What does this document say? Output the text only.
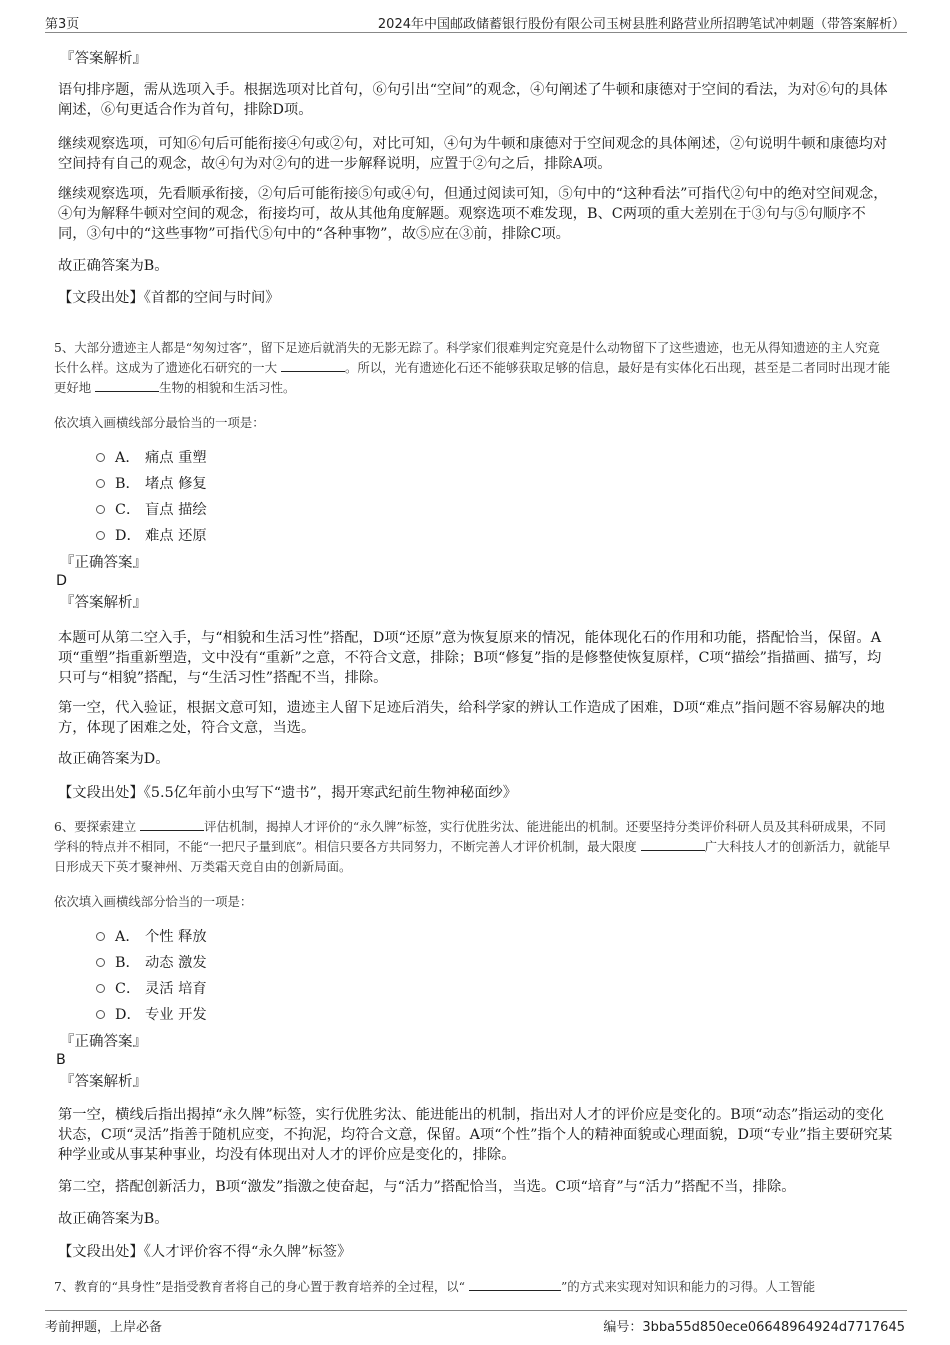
第3页	2024年中国邮政储蓄银行股份有限公司玉树县胜利路营业所招聘笔试冲刺题（带答案解析）
『答案解析』
语句排序题，需从选项入手。根据选项对比首句，⑥句引出“空间”的观念，④句阐述了牛顿和康德对于空间的看法，为对⑥句的具体阐述，⑥句更适合作为首句，排除D项。
继续观察选项，可知⑥句后可能衔接④句或②句，对比可知，④句为牛顿和康德对于空间观念的具体阐述，②句说明牛顿和康德均对空间持有自己的观念，故④句为对②句的进一步解释说明，应置于②句之后，排除A项。
继续观察选项，先看顺承衔接，②句后可能衔接⑤句或④句，但通过阅读可知，⑤句中的“这种看法”可指代②句中的绝对空间观念，④句为解释牛顿对空间的观念，衔接均可，故从其他角度解题。观察选项不难发现，B、C两项的重大差别在于③句与⑤句顺序不同，③句中的“这些事物”可指代⑤句中的“各种事物”，故⑤应在③前，排除C项。
故正确答案为B。
【文段出处】《首都的空间与时间》
5、大部分遗迹主人都是“匆匆过客”，留下足迹后就消失的无影无踪了。科学家们很难判定究竟是什么动物留下了这些遗迹，也无从得知遗迹的主人究竟长什么样。这成为了遗迹化石研究的一大	。所以，光有遗迹化石还不能够获取足够的信息，最好是有实体化石出现，甚至是二者同时出现才能更好地	生物的相貌和生活习性。
依次填入画横线部分最恰当的一项是：
A． 痛点 重塑
B． 堵点 修复
C． 盲点 描绘
D． 难点 还原
『正确答案』
D
『答案解析』
本题可从第二空入手，与“相貌和生活习性”搭配，D项“还原”意为恢复原来的情况，能体现化石的作用和功能，搭配恰当，保留。A项“重塑”指重新塑造，文中没有“重新”之意，不符合文意，排除；B项“修复”指的是修整使恢复原样，C项“描绘”指描画、描写，均只可与“相貌”搭配，与“生活习性”搭配不当，排除。
第一空，代入验证，根据文意可知，遗迹主人留下足迹后消失，给科学家的辨认工作造成了困难，D项“难点”指问题不容易解决的地方，体现了困难之处，符合文意，当选。
故正确答案为D。
【文段出处】《5.5亿年前小虫写下“遗书”，揭开寒武纪前生物神秘面纱》
6、要探索建立	评估机制，揭掉人才评价的“永久牌”标签，实行优胜劣汰、能进能出的机制。还要坚持分类评价科研人员及其科研成果，不同学科的特点并不相同，不能“一把尺子量到底”。相信只要各方共同努力，不断完善人才评价机制，最大限度	广大科技人才的创新活力，就能早日形成天下英才聚神州、万类霜天竞自由的创新局面。
依次填入画横线部分恰当的一项是：
A． 个性 释放
B． 动态 激发
C． 灵活 培育
D． 专业 开发
『正确答案』
B
『答案解析』
第一空，横线后指出揭掉“永久牌”标签，实行优胜劣汰、能进能出的机制，指出对人才的评价应是变化的。B项“动态”指运动的变化状态，C项“灵活”指善于随机应变，不拘泥，均符合文意，保留。A项“个性”指个人的精神面貌或心理面貌，D项“专业”指主要研究某种学业或从事某种事业，均没有体现出对人才的评价应是变化的，排除。
第二空，搭配创新活力，B项“激发”指激之使奋起，与“活力”搭配恰当，当选。C项“培育”与“活力”搭配不当，排除。
故正确答案为B。
【文段出处】《人才评价容不得“永久牌”标签》
7、教育的“具身性”是指受教育者将自己的身心置于教育培养的全过程，以“	”的方式来实现对知识和能力的习得。人工智能
考前押题，上岸必备	编号：3bba55d850ece06648964924d7717645
